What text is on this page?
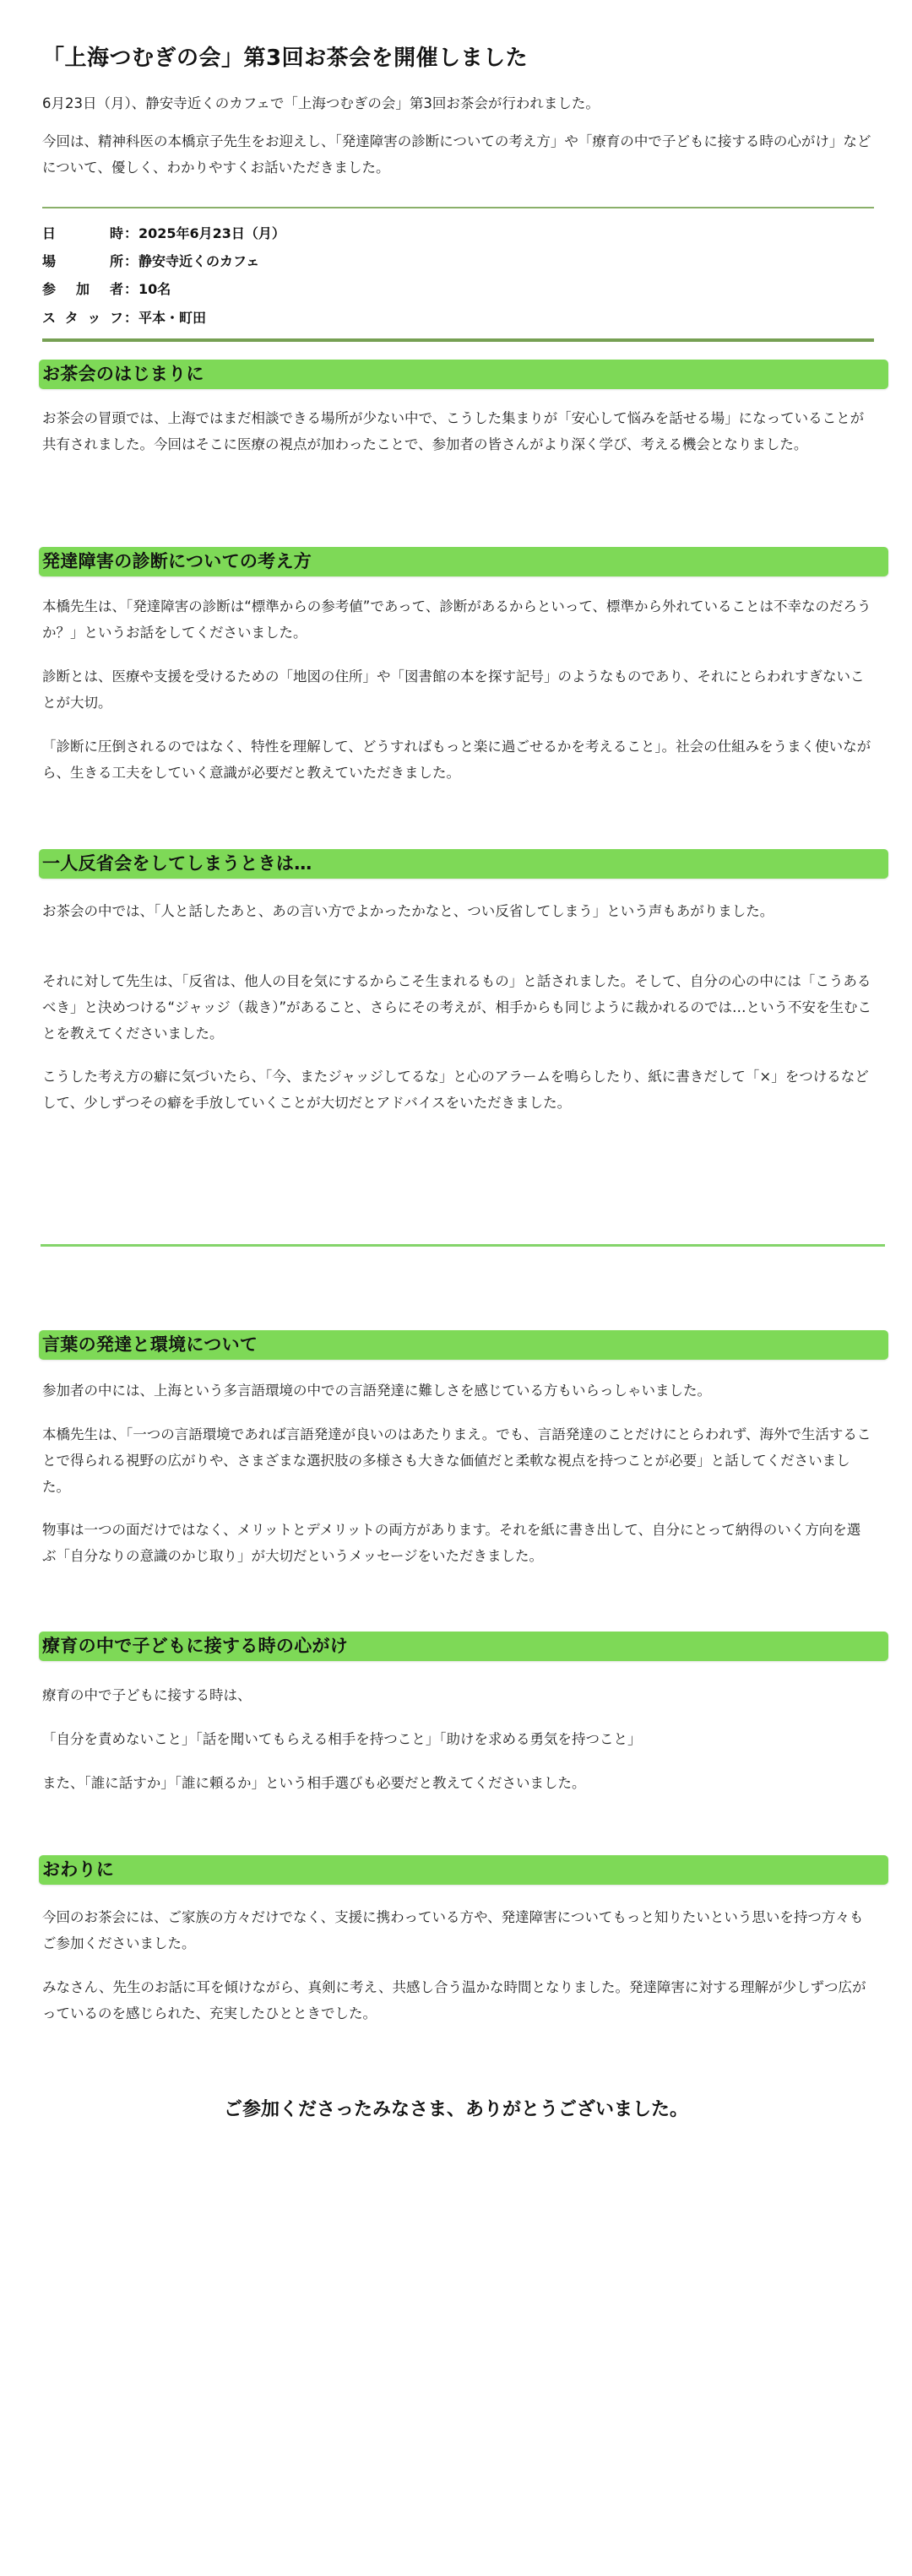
「上海つむぎの会」第3回お茶会を開催しました

6月23日（月）、静安寺近くのカフェで「上海つむぎの会」第3回お茶会が行われました。

今回は、精神科医の本橋京子先生をお迎えし、「発達障害の診断についての考え方」や「療育の中で子どもに接する時の心がけ」などについて、優しく、わかりやすくお話いただきました。

日　　時 ： 2025年6月23日（月）
場　　所 ： 静安寺近くのカフェ
参 加 者 ： 10名
スタッフ ： 平本・町田
お茶会のはじまりに

お茶会の冒頭では、上海ではまだ相談できる場所が少ない中で、こうした集まりが「安心して悩みを話せる場」になっていることが共有されました。今回はそこに医療の視点が加わったことで、参加者の皆さんがより深く学び、考える機会となりました。

発達障害の診断についての考え方

本橋先生は、「発達障害の診断は“標準からの参考値”であって、診断があるからといって、標準から外れていることは不幸なのだろうか？」というお話をしてくださいました。

診断とは、医療や支援を受けるための「地図の住所」や「図書館の本を探す記号」のようなものであり、それにとらわれすぎないことが大切。

「診断に圧倒されるのではなく、特性を理解して、どうすればもっと楽に過ごせるかを考えること」。社会の仕組みをうまく使いながら、生きる工夫をしていく意識が必要だと教えていただきました。

一人反省会をしてしまうときは…

お茶会の中では、「人と話したあと、あの言い方でよかったかなと、つい反省してしまう」という声もあがりました。

それに対して先生は、「反省は、他人の目を気にするからこそ生まれるもの」と話されました。そして、自分の心の中には「こうあるべき」と決めつける“ジャッジ（裁き）”があること、さらにその考えが、相手からも同じように裁かれるのでは…という不安を生むことを教えてくださいました。

こうした考え方の癖に気づいたら、「今、またジャッジしてるな」と心のアラームを鳴らしたり、紙に書きだして「×」をつけるなどして、少しずつその癖を手放していくことが大切だとアドバイスをいただきました。

言葉の発達と環境について

参加者の中には、上海という多言語環境の中での言語発達に難しさを感じている方もいらっしゃいました。

本橋先生は、「一つの言語環境であれば言語発達が良いのはあたりまえ。でも、言語発達のことだけにとらわれず、海外で生活することで得られる視野の広がりや、さまざまな選択肢の多様さも大きな価値だと柔軟な視点を持つことが必要」と話してくださいました。

物事は一つの面だけではなく、メリットとデメリットの両方があります。それを紙に書き出して、自分にとって納得のいく方向を選ぶ「自分なりの意識のかじ取り」が大切だというメッセージをいただきました。

療育の中で子どもに接する時の心がけ

療育の中で子どもに接する時は、

「自分を責めないこと」「話を聞いてもらえる相手を持つこと」「助けを求める勇気を持つこと」

また、「誰に話すか」「誰に頼るか」という相手選びも必要だと教えてくださいました。

おわりに

今回のお茶会には、ご家族の方々だけでなく、支援に携わっている方や、発達障害についてもっと知りたいという思いを持つ方々もご参加くださいました。

みなさん、先生のお話に耳を傾けながら、真剣に考え、共感し合う温かな時間となりました。発達障害に対する理解が少しずつ広がっているのを感じられた、充実したひとときでした。

ご参加くださったみなさま、ありがとうございました。
